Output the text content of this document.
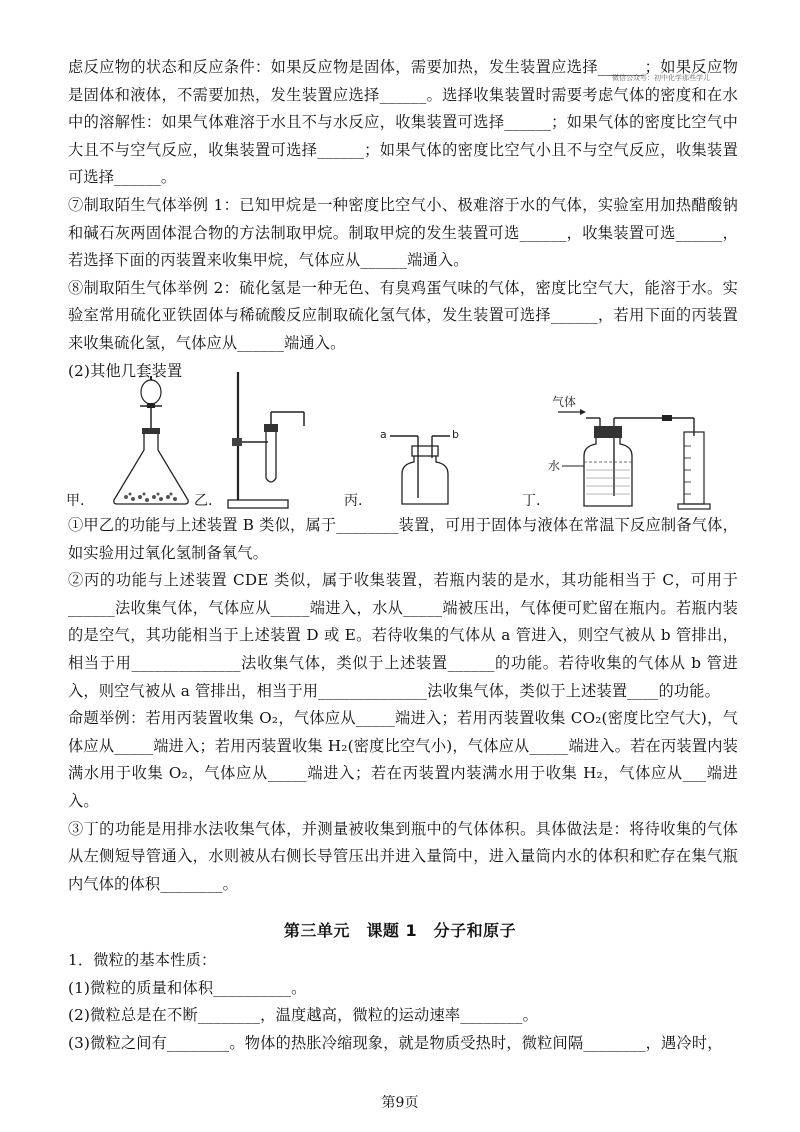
微信公众号：初中化学那些学儿

虑反应物的状态和反应条件：如果反应物是固体，需要加热，发生装置应选择______；如果反应物是固体和液体，不需要加热，发生装置应选择______。选择收集装置时需要考虑气体的密度和在水中的溶解性：如果气体难溶于水且不与水反应，收集装置可选择______；如果气体的密度比空气中大且不与空气反应，收集装置可选择______；如果气体的密度比空气小且不与空气反应，收集装置可选择______。

⑦制取陌生气体举例 1：已知甲烷是一种密度比空气小、极难溶于水的气体，实验室用加热醋酸钠和碱石灰两固体混合物的方法制取甲烷。制取甲烷的发生装置可选______，收集装置可选______，若选择下面的丙装置来收集甲烷，气体应从______端通入。

⑧制取陌生气体举例 2：硫化氢是一种无色、有臭鸡蛋气味的气体，密度比空气大，能溶于水。实验室常用硫化亚铁固体与稀硫酸反应制取硫化氢气体，发生装置可选择______，若用下面的丙装置来收集硫化氢，气体应从______端通入。

(2)其他几套装置

甲.	乙.
a	b
丙.
气体
水
丁.

①甲乙的功能与上述装置 B 类似，属于________装置，可用于固体与液体在常温下反应制备气体，如实验用过氧化氢制备氧气。

②丙的功能与上述装置 CDE 类似，属于收集装置，若瓶内装的是水，其功能相当于 C，可用于______法收集气体，气体应从_____端进入，水从_____端被压出，气体便可贮留在瓶内。若瓶内装的是空气，其功能相当于上述装置 D 或 E。若待收集的气体从 a 管进入，则空气被从 b 管排出，相当于用______________法收集气体，类似于上述装置______的功能。若待收集的气体从 b 管进入，则空气被从 a 管排出，相当于用______________法收集气体，类似于上述装置____的功能。

命题举例：若用丙装置收集 O₂，气体应从_____端进入；若用丙装置收集 CO₂(密度比空气大)，气体应从_____端进入；若用丙装置收集 H₂(密度比空气小)，气体应从_____端进入。若在丙装置内装满水用于收集 O₂，气体应从_____端进入；若在丙装置内装满水用于收集 H₂，气体应从___端进入。

③丁的功能是用排水法收集气体，并测量被收集到瓶中的气体体积。具体做法是：将待收集的气体从左侧短导管通入，水则被从右侧长导管压出并进入量筒中，进入量筒内水的体积和贮存在集气瓶内气体的体积________。

第三单元　课题 1　分子和原子

1．微粒的基本性质：

(1)微粒的质量和体积__________。

(2)微粒总是在不断________，温度越高，微粒的运动速率________。

(3)微粒之间有________。物体的热胀冷缩现象，就是物质受热时，微粒间隔________，遇冷时，

第9页
